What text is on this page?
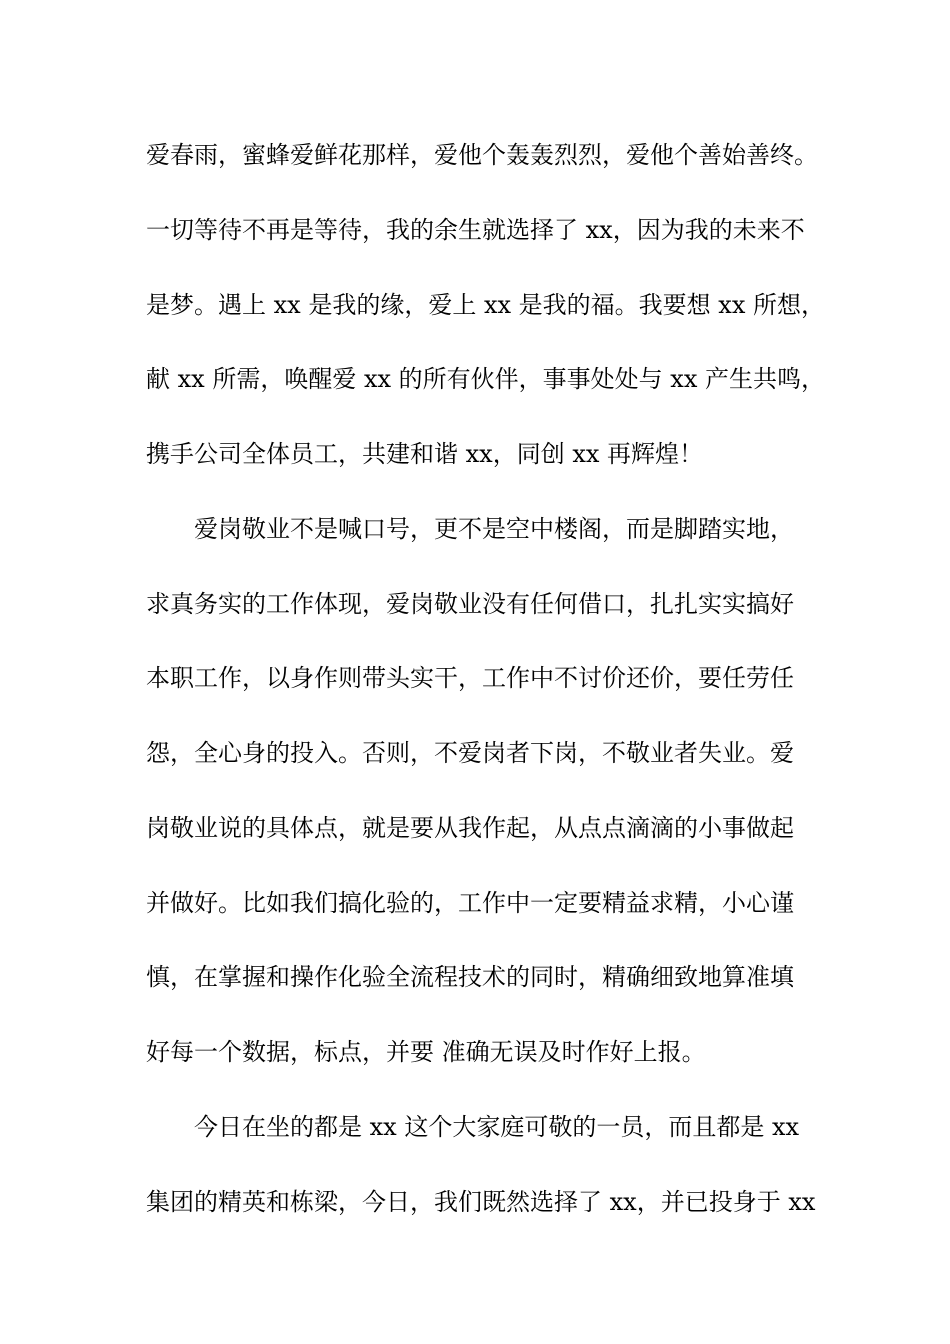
爱春雨，蜜蜂爱鲜花那样，爱他个轰轰烈烈，爱他个善始善终。
一切等待不再是等待，我的余生就选择了 xx，因为我的未来不
是梦。遇上 xx 是我的缘，爱上 xx 是我的福。我要想 xx 所想，
献 xx 所需，唤醒爱 xx 的所有伙伴，事事处处与 xx 产生共鸣，
携手公司全体员工，共建和谐 xx，同创 xx 再辉煌！
爱岗敬业不是喊口号，更不是空中楼阁，而是脚踏实地，
求真务实的工作体现，爱岗敬业没有任何借口，扎扎实实搞好
本职工作，以身作则带头实干，工作中不讨价还价，要任劳任
怨，全心身的投入。否则，不爱岗者下岗，不敬业者失业。爱
岗敬业说的具体点，就是要从我作起，从点点滴滴的小事做起
并做好。比如我们搞化验的，工作中一定要精益求精，小心谨
慎，在掌握和操作化验全流程技术的同时，精确细致地算准填
好每一个数据，标点，并要 准确无误及时作好上报。
今日在坐的都是 xx 这个大家庭可敬的一员，而且都是 xx
集团的精英和栋梁，今日，我们既然选择了 xx，并已投身于 xx
